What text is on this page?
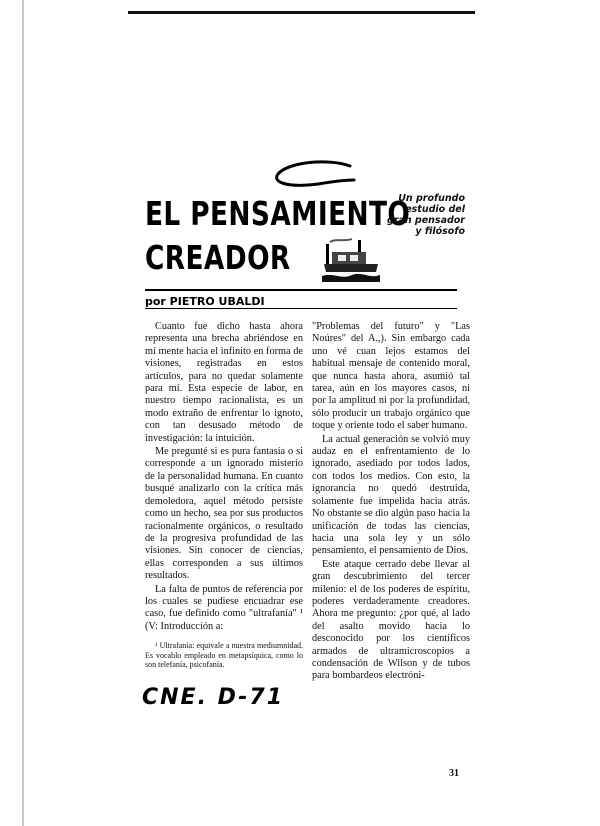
EL PENSAMIENTO
CREADOR
Un profundo
estudio del
gran pensador
y filósofo
por PIETRO UBALDI

Cuanto fue dicho hasta ahora representa una brecha abriéndose en mí mente hacia el infinito en forma de visiones, registradas en estos artículos, para no quedar solamente para mí. Esta especie de labor, en nuestro tiempo racionalista, es un modo extraño de enfrentar lo ignoto, con tan desusado método de investigación: la intuición.

Me pregunté si es pura fantasía o si corresponde a un ignorado misterio de la personalidad humana. En cuanto busqué analizarlo con la crítica más demoledora, aquel método persiste como un hecho, sea por sus productos racionalmente orgánicos, o resultado de la progresiva profundidad de las visiones. Sin conocer de ciencias, ellas corresponden a sus últimos resultados.

La falta de puntos de referencia por los cuales se pudiese encuadrar ese caso, fue definido como "ultrafanía" ¹ (V: Introducción a:

¹ Ultrafanía: equivale a nuestra mediumnidad. Es vocablo empleado en metapsíquica, como lo son telefanía, psicofanía.

"Problemas del futuro" y "Las Noúres" del A.,). Sin embargo cada uno vé cuan lejos estamos del habitual mensaje de contenido moral, que nunca hasta ahora, asumió tal tarea, aún en los mayores casos, ni por la amplitud ni por la profundidad, sólo producir un trabajo orgánico que toque y oriente todo el saber humano.

La actual generación se volvió muy audaz en el enfrentamiento de lo ignorado, asediado por todos lados, con todos los medios. Con esto, la ignorancia no quedó destruida, solamente fue impelida hacia atrás. No obstante se dio algún paso hacia la unificación de todas las ciencias, hacia una sola ley y un sólo pensamiento, el pensamiento de Dios.

Este ataque cerrado debe llevar al gran descubrimiento del tercer milenio: el de los poderes de espíritu, poderes verdaderamente creadores. Ahora me pregunto: ¿por qué, al lado del asalto movido hacia lo desconocido por los científicos armados de ultramicroscopios a condensación de Wilson y de tubos para bombardeos electróni-

CNE. D-71
31
